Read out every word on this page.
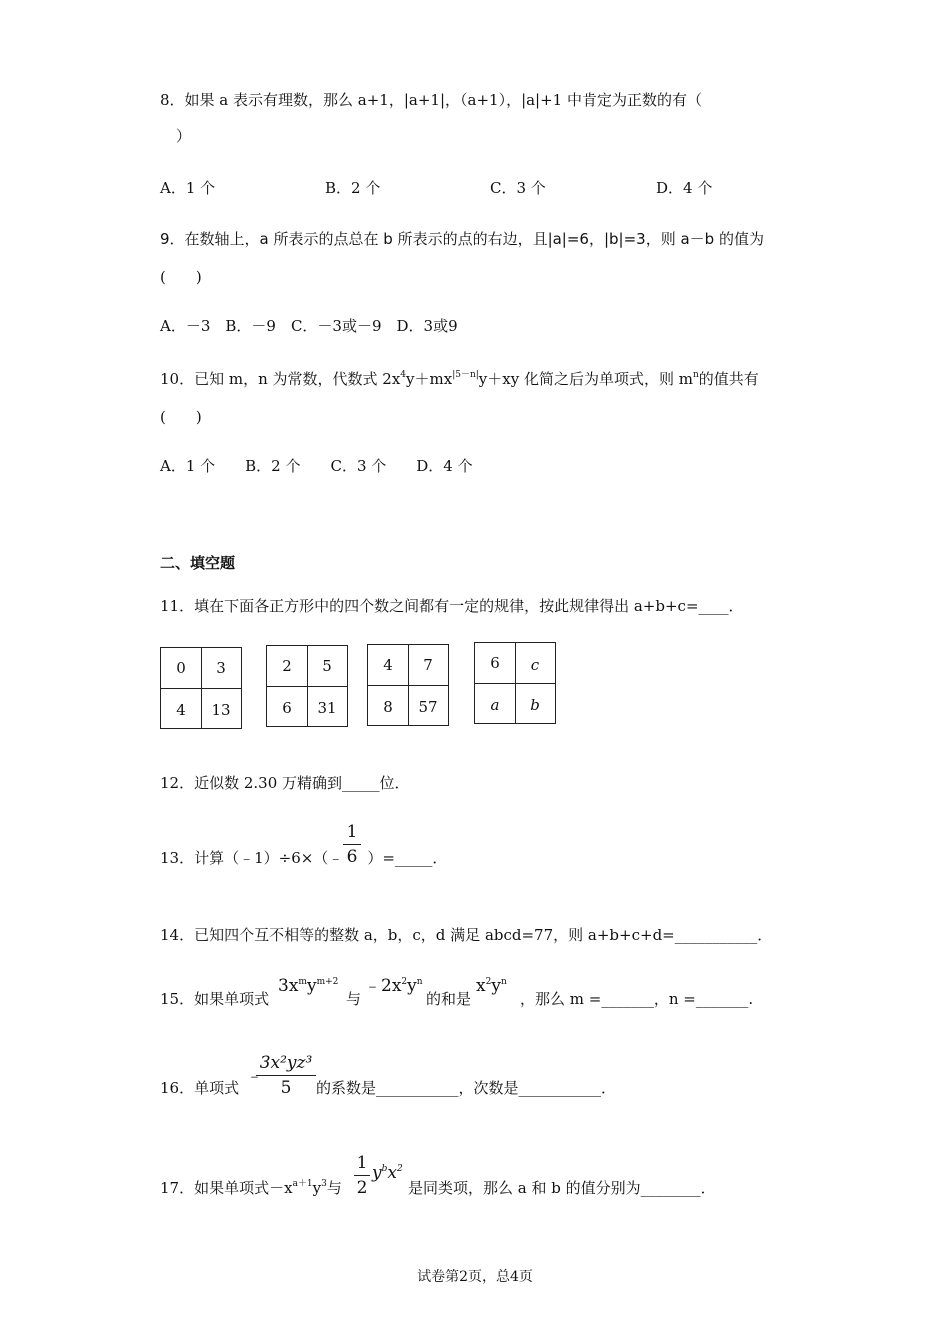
8．如果 a 表示有理数，那么 a+1，|a+1|，（a+1），|a|+1 中肯定为正数的有（
）
A．1 个	B．2 个	C．3 个	D．4 个
9．在数轴上，a 所表示的点总在 b 所表示的点的右边，且|a|=6，|b|=3，则 a－b 的值为
(　　)
A．－3　B．－9　C．－3或－9　D．3或9
10．已知 m，n 为常数，代数式 $2x^4y+mx^{|5-n|}y+xy$ 化简之后为单项式，则 $m^n$的值共有
(　　)
A．1 个　　B．2 个　　C．3 个　　D．4 个
二、填空题
11．填在下面各正方形中的四个数之间都有一定的规律，按此规律得出 a+b+c=____．
0	3
4	13
2	5
6	31
4	7
8	57
6	c
a	b
12．近似数 2.30 万精确到_____位．
13．计算（﹣1）÷6×（﹣ ）=_____．
1
6
14．已知四个互不相等的整数 a，b，c，d 满足 abcd=77，则 a+b+c+d=___________．
15．如果单项式
$3x^my^{m+2}$
与
$﹣2x^2y^n$
的和是
$x^2y^n$
，那么 m =_______，n =_______.
16．单项式
﹣
3x²yz³
5	的系数是___________，次数是___________．
17．如果单项式$-x^{a+1}y^3$与
1
2
$y^bx^2$
是同类项，那么 a 和 b 的值分别为________．
试卷第2页，总4页
